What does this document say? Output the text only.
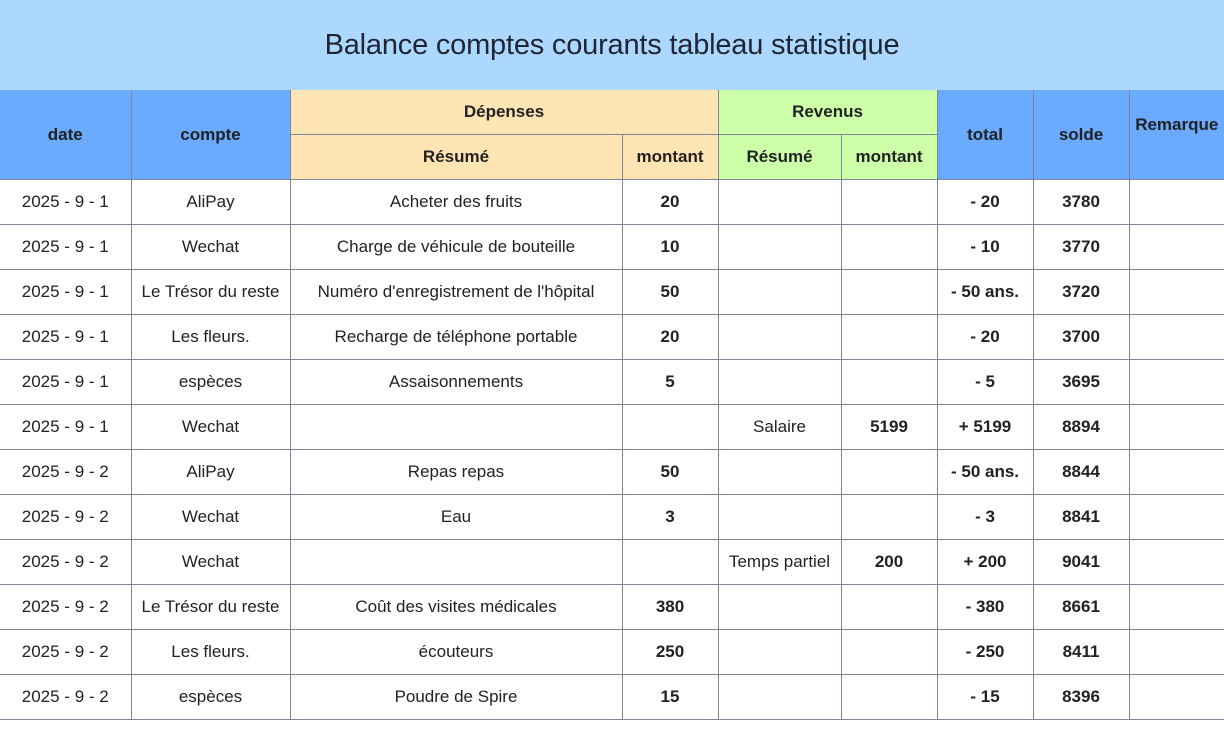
Balance comptes courants tableau statistique
date	compte	Dépenses		Revenus		total	solde	Remarque
		Résumé	montant	Résumé	montant			
2025 - 9 - 1	AliPay	Acheter des fruits	20			- 20	3780	
2025 - 9 - 1	Wechat	Charge de véhicule de bouteille	10			- 10	3770	
2025 - 9 - 1	Le Trésor du reste	Numéro d'enregistrement de l'hôpital	50			- 50 ans.	3720	
2025 - 9 - 1	Les fleurs.	Recharge de téléphone portable	20			- 20	3700	
2025 - 9 - 1	espèces	Assaisonnements	5			- 5	3695	
2025 - 9 - 1	Wechat			Salaire	5199	+ 5199	8894	
2025 - 9 - 2	AliPay	Repas repas	50			- 50 ans.	8844	
2025 - 9 - 2	Wechat	Eau	3			- 3	8841	
2025 - 9 - 2	Wechat			Temps partiel	200	+ 200	9041	
2025 - 9 - 2	Le Trésor du reste	Coût des visites médicales	380			- 380	8661	
2025 - 9 - 2	Les fleurs.	écouteurs	250			- 250	8411	
2025 - 9 - 2	espèces	Poudre de Spire	15			- 15	8396	
